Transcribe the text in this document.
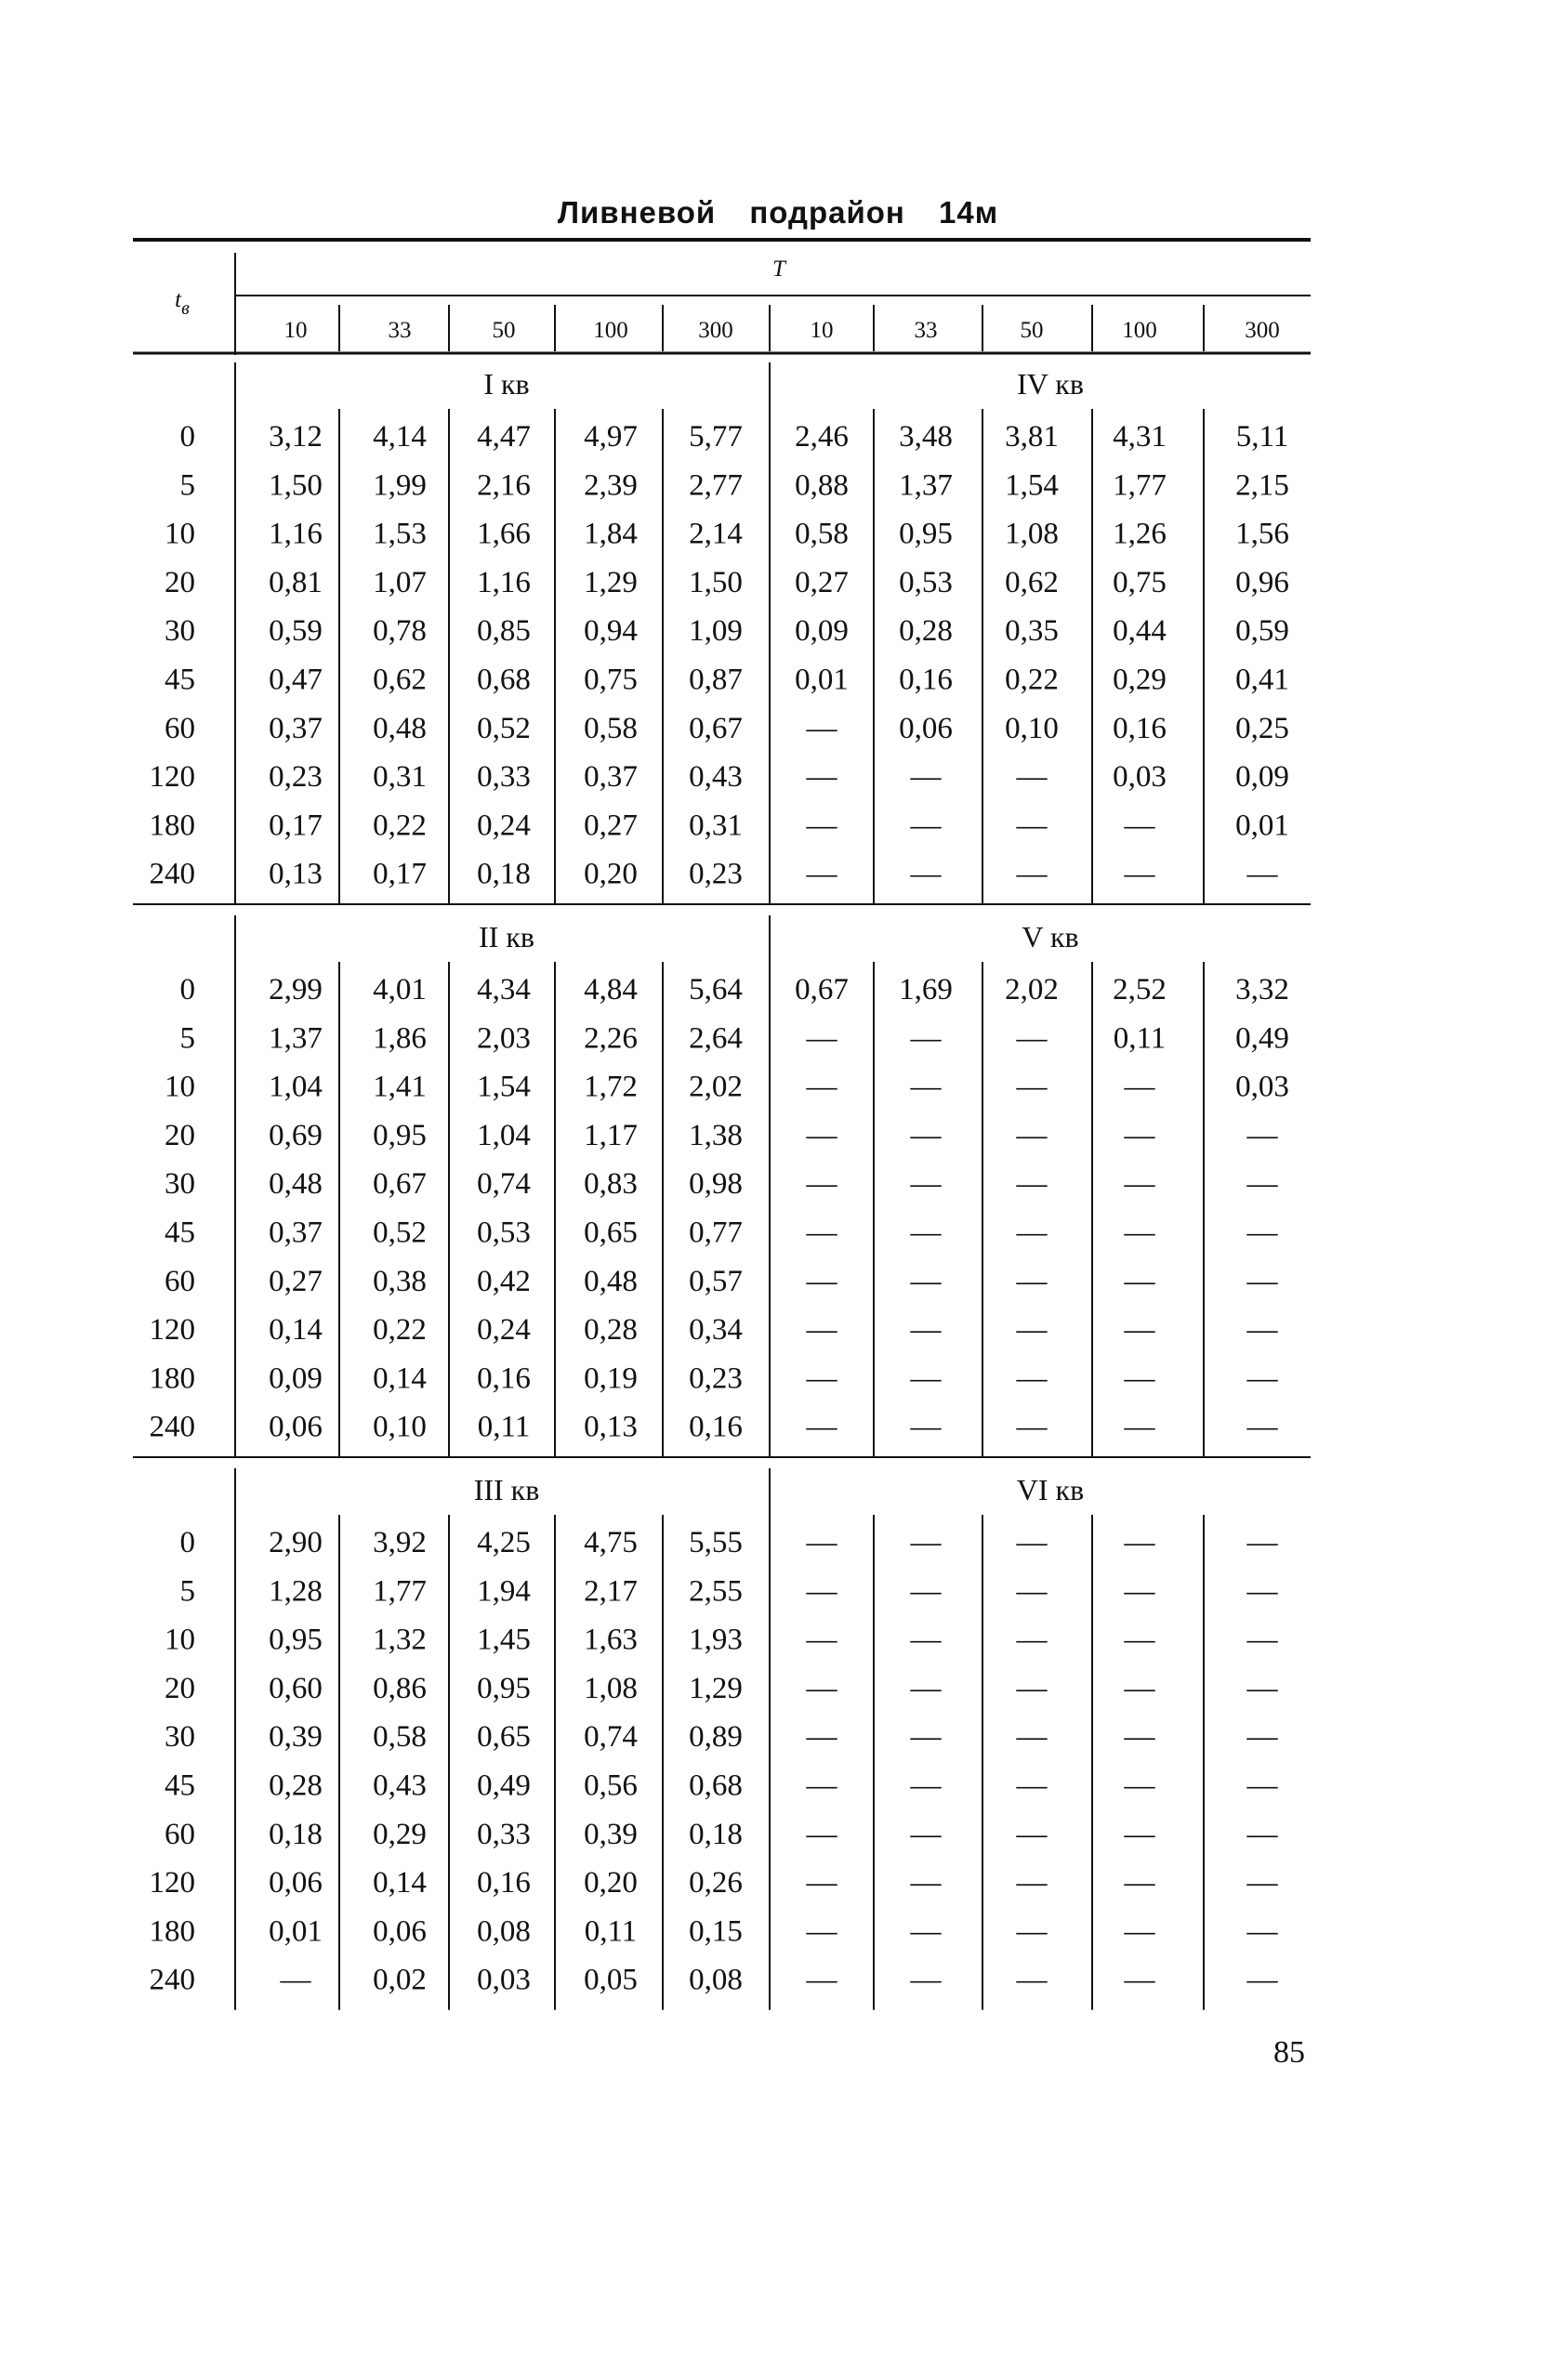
Ливневой подрайон 14м
$t_в$
T
10	33	50	100	300	10	33	50	100	300
I кв	IV кв
0 3,12 4,14 4,47 4,97 5,77 2,46 3,48 3,81 4,31 5,11
5 1,50 1,99 2,16 2,39 2,77 0,88 1,37 1,54 1,77 2,15
10 1,16 1,53 1,66 1,84 2,14 0,58 0,95 1,08 1,26 1,56
20 0,81 1,07 1,16 1,29 1,50 0,27 0,53 0,62 0,75 0,96
30 0,59 0,78 0,85 0,94 1,09 0,09 0,28 0,35 0,44 0,59
45 0,47 0,62 0,68 0,75 0,87 0,01 0,16 0,22 0,29 0,41
60 0,37 0,48 0,52 0,58 0,67 — 0,06 0,10 0,16 0,25
120 0,23 0,31 0,33 0,37 0,43 — — — 0,03 0,09
180 0,17 0,22 0,24 0,27 0,31 — — —	—	0,01
240 0,13 0,17 0,18 0,20 0,23 — — —	—	—
II кв	V кв
0 2,99 4,01 4,34 4,84 5,64 0,67 1,69 2,02 2,52 3,32
5 1,37 1,86 2,03 2,26 2,64 — — — 0,11 0,49
10 1,04 1,41 1,54 1,72 2,02 — — —	—	0,03
20 0,69 0,95 1,04 1,17 1,38 — — —	—	—
30 0,48 0,67 0,74 0,83 0,98 — — —	—	—
45 0,37 0,52 0,53 0,65 0,77 — — —	—	—
60 0,27 0,38 0,42 0,48 0,57 — — —	—	—
120 0,14 0,22 0,24 0,28 0,34 — — —	—	—
180 0,09 0,14 0,16 0,19 0,23 — — —	—	—
240 0,06 0,10 0,11 0,13 0,16 — — —	—	—
III кв	VI кв
0 2,90 3,92 4,25 4,75 5,55 — — —	—	—
5 1,28 1,77 1,94 2,17 2,55 — — —	—	—
10 0,95 1,32 1,45 1,63 1,93 — — —	—	—
20 0,60 0,86 0,95 1,08 1,29 — — —	—	—
30 0,39 0,58 0,65 0,74 0,89 — — —	—	—
45 0,28 0,43 0,49 0,56 0,68 — — —	—	—
60 0,18 0,29 0,33 0,39 0,18 — — —	—	—
120 0,06 0,14 0,16 0,20 0,26 — — —	—	—
180 0,01 0,06 0,08 0,11 0,15 — — —	—	—
240	— 0,02 0,03 0,05 0,08 — — —	—	—
85
